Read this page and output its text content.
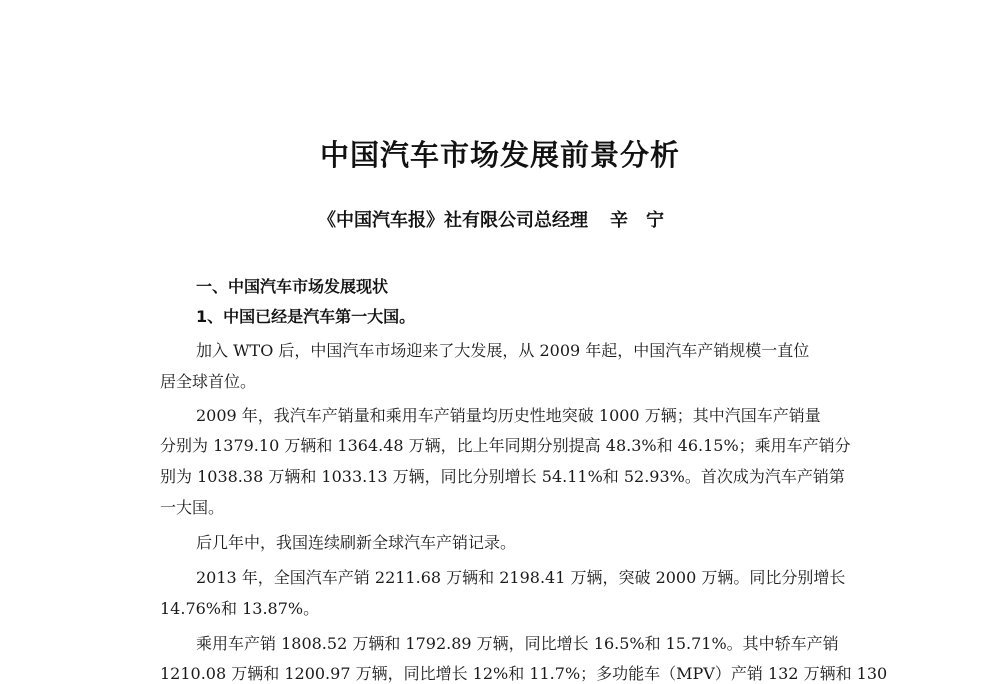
中国汽车市场发展前景分析
《中国汽车报》社有限公司总经理 辛宁
一、中国汽车市场发展现状
1、中国已经是汽车第一大国。
加入 WTO 后，中国汽车市场迎来了大发展，从 2009 年起，中国汽车产销规模一直位
居全球首位。
2009 年，我汽车产销量和乘用车产销量均历史性地突破 1000 万辆；其中汽国车产销量
分别为 1379.10 万辆和 1364.48 万辆，比上年同期分别提高 48.3%和 46.15%；乘用车产销分
别为 1038.38 万辆和 1033.13 万辆，同比分别增长 54.11%和 52.93%。首次成为汽车产销第
一大国。
后几年中，我国连续刷新全球汽车产销记录。
2013 年，全国汽车产销 2211.68 万辆和 2198.41 万辆，突破 2000 万辆。同比分别增长
14.76%和 13.87%。
乘用车产销 1808.52 万辆和 1792.89 万辆，同比增长 16.5%和 15.71%。其中轿车产销
1210.08 万辆和 1200.97 万辆，同比增长 12%和 11.7%；多功能车（MPV）产销 132 万辆和 130
